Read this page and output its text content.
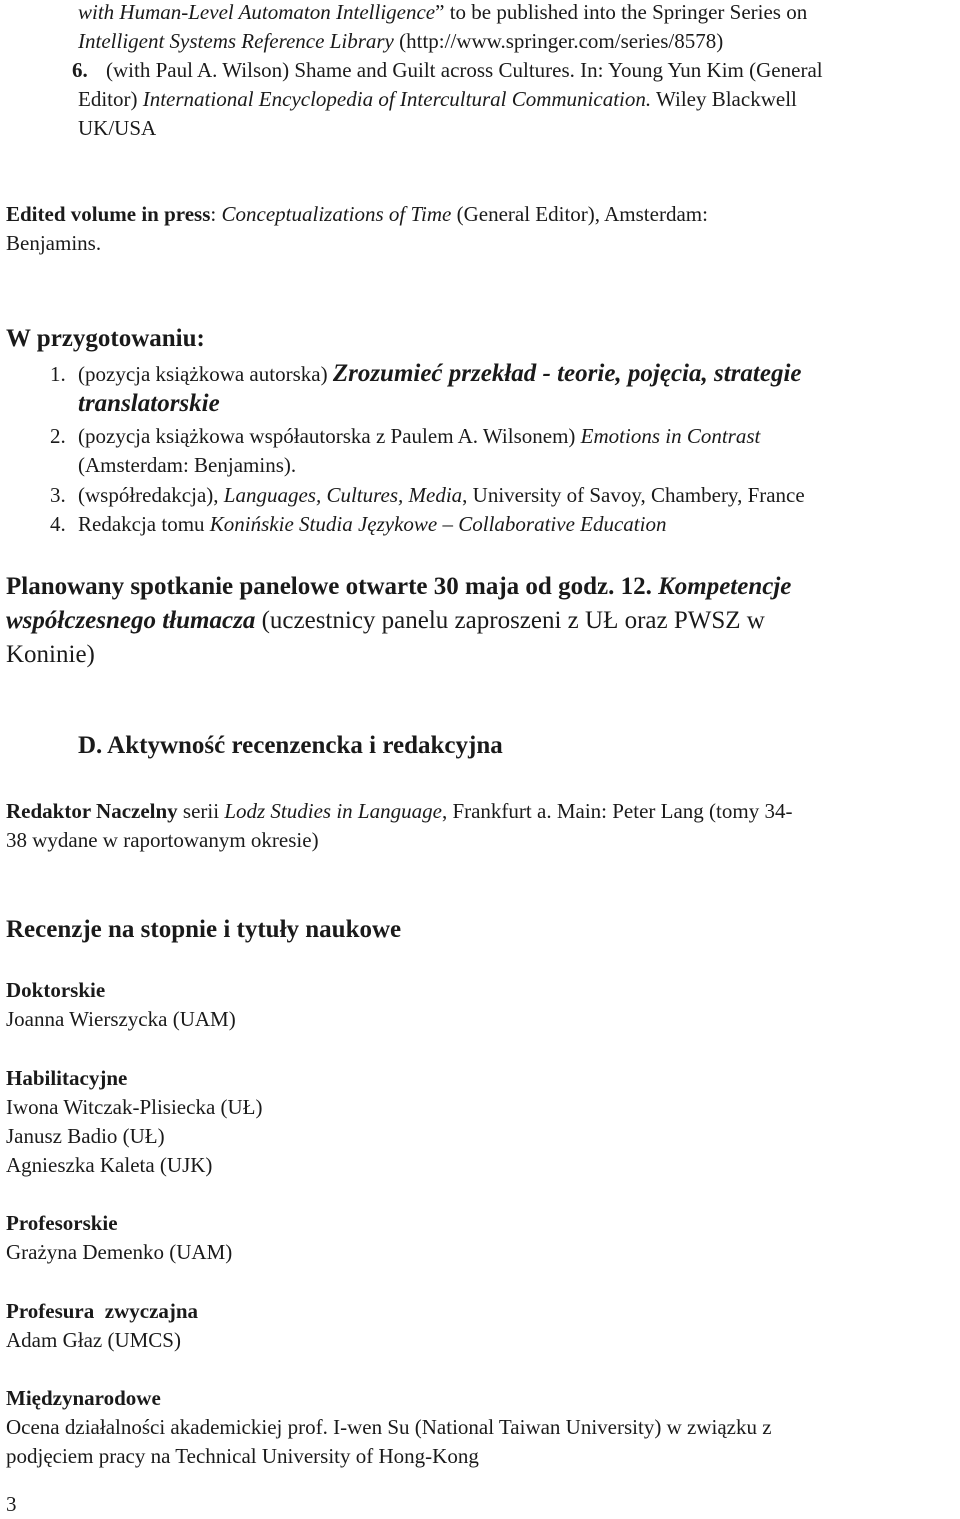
with Human-Level Automaton Intelligence” to be published into the Springer Series on
Intelligent Systems Reference Library (http://www.springer.com/series/8578)
6. (with Paul A. Wilson) Shame and Guilt across Cultures. In: Young Yun Kim (General
Editor) International Encyclopedia of Intercultural Communication. Wiley Blackwell
UK/USA
Edited volume in press: Conceptualizations of Time (General Editor), Amsterdam:
Benjamins.
W przygotowaniu:
1. (pozycja książkowa autorska) Zrozumieć przekład - teorie, pojęcia, strategie
translatorskie
2. (pozycja książkowa współautorska z Paulem A. Wilsonem) Emotions in Contrast
(Amsterdam: Benjamins).
3. (współredakcja), Languages, Cultures, Media, University of Savoy, Chambery, France
4. Redakcja tomu Konińskie Studia Językowe – Collaborative Education
Planowany spotkanie panelowe otwarte 30 maja od godz. 12. Kompetencje
współczesnego tłumacza (uczestnicy panelu zaproszeni z UŁ oraz PWSZ w
Koninie)
D. Aktywność recenzencka i redakcyjna
Redaktor Naczelny serii Lodz Studies in Language, Frankfurt a. Main: Peter Lang (tomy 34-
38 wydane w raportowanym okresie)
Recenzje na stopnie i tytuły naukowe
Doktorskie
Joanna Wierszycka (UAM)
Habilitacyjne
Iwona Witczak-Plisiecka (UŁ)
Janusz Badio (UŁ)
Agnieszka Kaleta (UJK)
Profesorskie
Grażyna Demenko (UAM)
Profesura  zwyczajna
Adam Głaz (UMCS)
Międzynarodowe
Ocena działalności akademickiej prof. I-wen Su (National Taiwan University) w związku z
podjęciem pracy na Technical University of Hong-Kong
3
